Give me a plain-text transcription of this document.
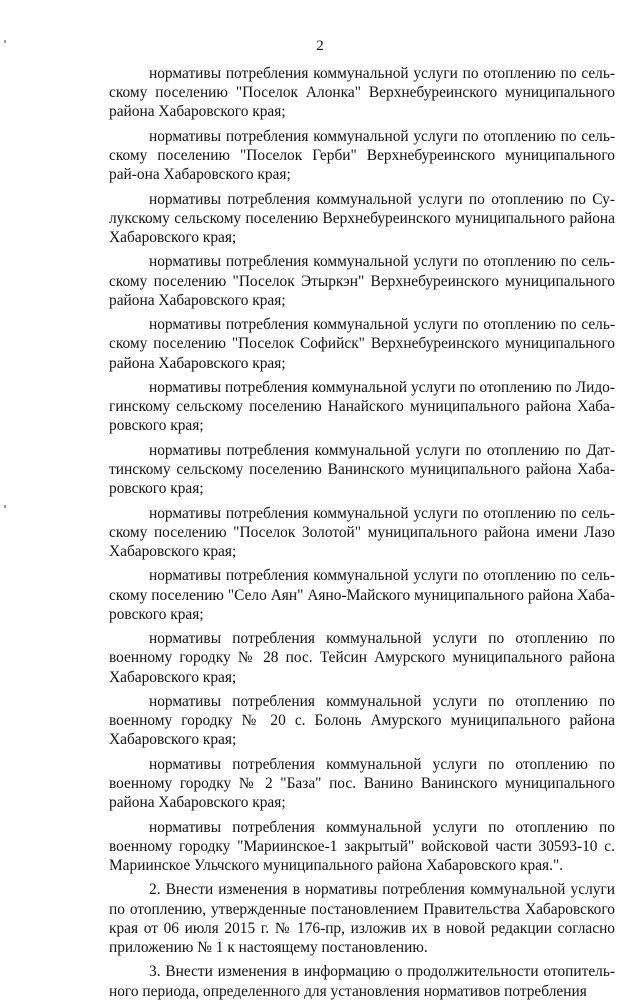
2

нормативы потребления коммунальной услуги по отоплению по сель-скому поселению "Поселок Алонка" Верхнебуреинского муниципального района Хабаровского края;

нормативы потребления коммунальной услуги по отоплению по сель-скому поселению "Поселок Герби" Верхнебуреинского муниципального рай-она Хабаровского края;

нормативы потребления коммунальной услуги по отоплению по Су-лукскому сельскому поселению Верхнебуреинского муниципального района Хабаровского края;

нормативы потребления коммунальной услуги по отоплению по сель-скому поселению "Поселок Этыркэн" Верхнебуреинского муниципального района Хабаровского края;

нормативы потребления коммунальной услуги по отоплению по сель-скому поселению "Поселок Софийск" Верхнебуреинского муниципального района Хабаровского края;

нормативы потребления коммунальной услуги по отоплению по Лидо-гинскому сельскому поселению Нанайского муниципального района Хаба-ровского края;

нормативы потребления коммунальной услуги по отоплению по Дат-тинскому сельскому поселению Ванинского муниципального района Хаба-ровского края;

нормативы потребления коммунальной услуги по отоплению по сель-скому поселению "Поселок Золотой" муниципального района имени Лазо Хабаровского края;

нормативы потребления коммунальной услуги по отоплению по сель-скому поселению "Село Аян" Аяно-Майского муниципального района Хаба-ровского края;

нормативы потребления коммунальной услуги по отоплению по военному городку № 28 пос. Тейсин Амурского муниципального района Хабаровского края;

нормативы потребления коммунальной услуги по отоплению по военному городку № 20 с. Болонь Амурского муниципального района Хабаровского края;

нормативы потребления коммунальной услуги по отоплению по военному городку № 2 "База" пос. Ванино Ванинского муниципального района Хабаровского края;

нормативы потребления коммунальной услуги по отоплению по военному городку "Мариинское-1 закрытый" войсковой части 30593-10 с. Мариинское Ульчского муниципального района Хабаровского края.".

2. Внести изменения в нормативы потребления коммунальной услуги по отоплению, утвержденные постановлением Правительства Хабаровского края от 06 июля 2015 г. № 176-пр, изложив их в новой редакции согласно приложению № 1 к настоящему постановлению.

3. Внести изменения в информацию о продолжительности отопитель-ного периода, определенного для установления нормативов потребления
